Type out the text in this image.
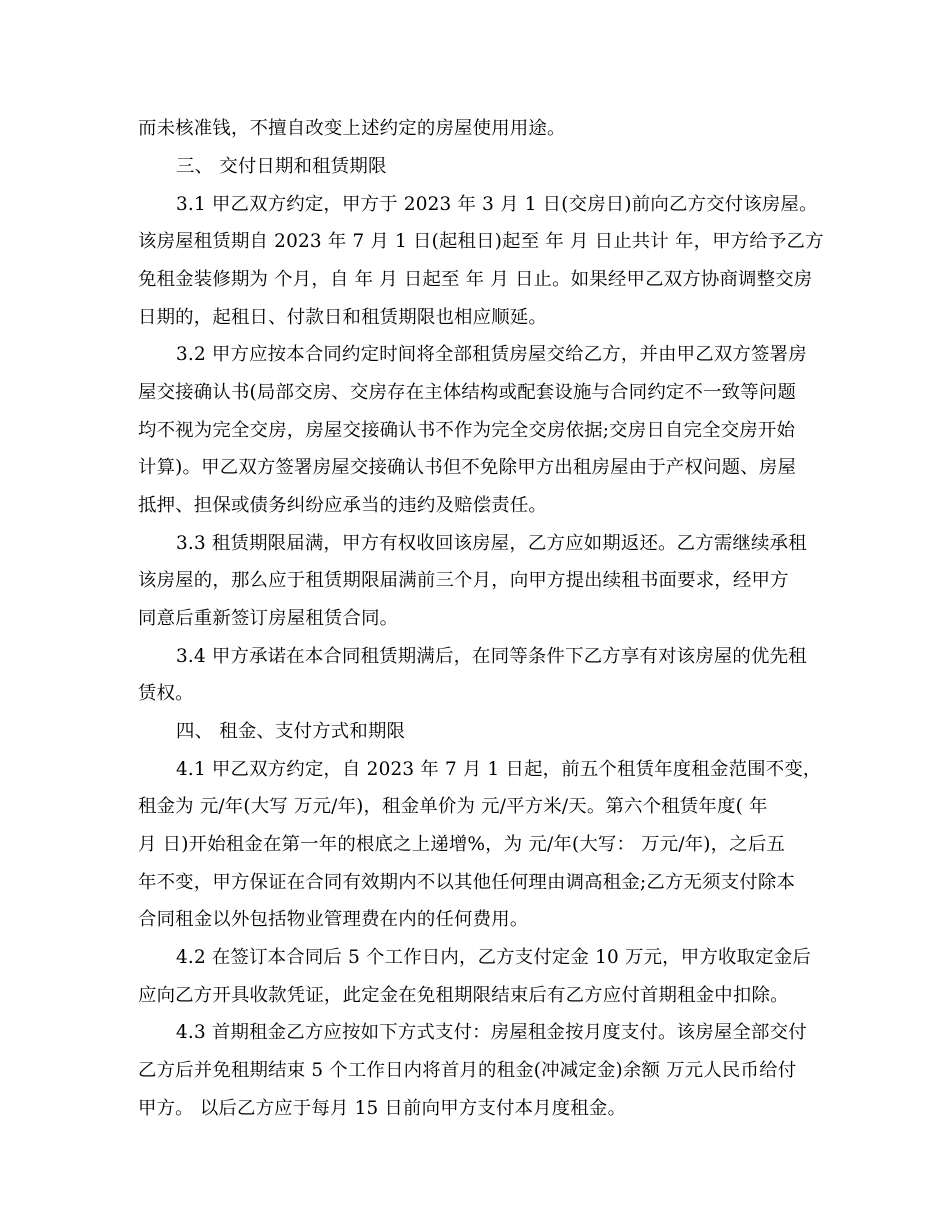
而未核准钱，不擅自改变上述约定的房屋使用用途。
三、 交付日期和租赁期限
3.1 甲乙双方约定，甲方于 2023 年 3 月 1 日(交房日)前向乙方交付该房屋。
该房屋租赁期自 2023 年 7 月 1 日(起租日)起至 年 月 日止共计 年，甲方给予乙方
免租金装修期为 个月，自 年 月 日起至 年 月 日止。如果经甲乙双方协商调整交房
日期的，起租日、付款日和租赁期限也相应顺延。
3.2 甲方应按本合同约定时间将全部租赁房屋交给乙方，并由甲乙双方签署房
屋交接确认书(局部交房、交房存在主体结构或配套设施与合同约定不一致等问题
均不视为完全交房，房屋交接确认书不作为完全交房依据;交房日自完全交房开始
计算)。甲乙双方签署房屋交接确认书但不免除甲方出租房屋由于产权问题、房屋
抵押、担保或债务纠纷应承当的违约及赔偿责任。
3.3 租赁期限届满，甲方有权收回该房屋，乙方应如期返还。乙方需继续承租
该房屋的，那么应于租赁期限届满前三个月，向甲方提出续租书面要求，经甲方
同意后重新签订房屋租赁合同。
3.4 甲方承诺在本合同租赁期满后，在同等条件下乙方享有对该房屋的优先租
赁权。
四、 租金、支付方式和期限
4.1 甲乙双方约定，自 2023 年 7 月 1 日起，前五个租赁年度租金范围不变，
租金为 元/年(大写 万元/年)，租金单价为 元/平方米/天。第六个租赁年度( 年
月 日)开始租金在第一年的根底之上递增%，为 元/年(大写： 万元/年)，之后五
年不变，甲方保证在合同有效期内不以其他任何理由调高租金;乙方无须支付除本
合同租金以外包括物业管理费在内的任何费用。
4.2 在签订本合同后 5 个工作日内，乙方支付定金 10 万元，甲方收取定金后
应向乙方开具收款凭证，此定金在免租期限结束后有乙方应付首期租金中扣除。
4.3 首期租金乙方应按如下方式支付：房屋租金按月度支付。该房屋全部交付
乙方后并免租期结束 5 个工作日内将首月的租金(冲减定金)余额 万元人民币给付
甲方。 以后乙方应于每月 15 日前向甲方支付本月度租金。
